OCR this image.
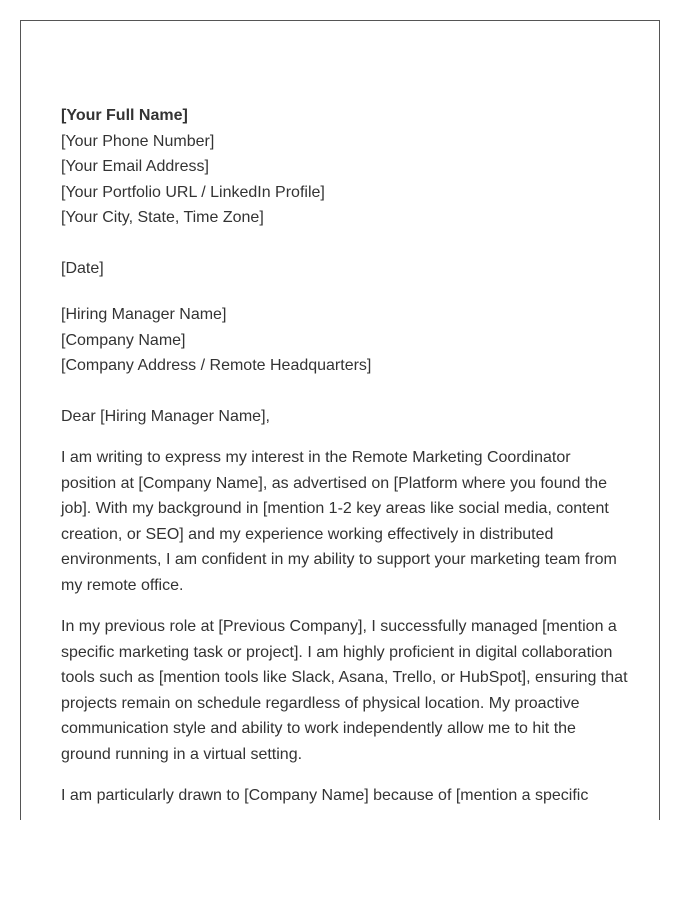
[Your Full Name]
[Your Phone Number]
[Your Email Address]
[Your Portfolio URL / LinkedIn Profile]
[Your City, State, Time Zone]
[Date]
[Hiring Manager Name]
[Company Name]
[Company Address / Remote Headquarters]
Dear [Hiring Manager Name],

I am writing to express my interest in the Remote Marketing Coordinator position at [Company Name], as advertised on [Platform where you found the job]. With my background in [mention 1-2 key areas like social media, content creation, or SEO] and my experience working effectively in distributed environments, I am confident in my ability to support your marketing team from my remote office.

In my previous role at [Previous Company], I successfully managed [mention a specific marketing task or project]. I am highly proficient in digital collaboration tools such as [mention tools like Slack, Asana, Trello, or HubSpot], ensuring that projects remain on schedule regardless of physical location. My proactive communication style and ability to work independently allow me to hit the ground running in a virtual setting.

I am particularly drawn to [Company Name] because of [mention a specific
